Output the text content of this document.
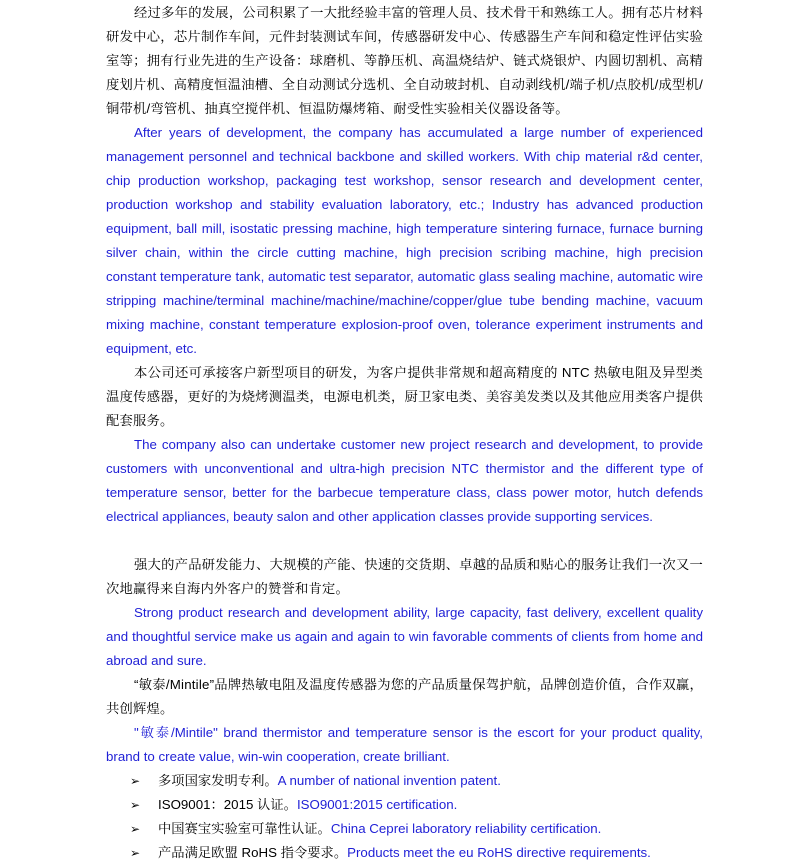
经过多年的发展，公司积累了一大批经验丰富的管理人员、技术骨干和熟练工人。拥有芯片材料研发中心，芯片制作车间，元件封装测试车间，传感器研发中心、传感器生产车间和稳定性评估实验室等；拥有行业先进的生产设备：球磨机、等静压机、高温烧结炉、链式烧银炉、内圆切割机、高精度划片机、高精度恒温油槽、全自动测试分选机、全自动玻封机、自动剥线机/端子机/点胶机/成型机/铜带机/弯管机、抽真空搅伴机、恒温防爆烤箱、耐受性实验相关仪器设备等。

After years of development, the company has accumulated a large number of experienced management personnel and technical backbone and skilled workers. With chip material r&d center, chip production workshop, packaging test workshop, sensor research and development center, production workshop and stability evaluation laboratory, etc.; Industry has advanced production equipment, ball mill, isostatic pressing machine, high temperature sintering furnace, furnace burning silver chain, within the circle cutting machine, high precision scribing machine, high precision constant temperature tank, automatic test separator, automatic glass sealing machine, automatic wire stripping machine/terminal machine/machine/machine/copper/glue tube bending machine, vacuum mixing machine, constant temperature explosion-proof oven, tolerance experiment instruments and equipment, etc.

本公司还可承接客户新型项目的研发，为客户提供非常规和超高精度的 NTC 热敏电阻及异型类温度传感器，更好的为烧烤测温类，电源电机类，厨卫家电类、美容美发类以及其他应用类客户提供配套服务。

The company also can undertake customer new project research and development, to provide customers with unconventional and ultra-high precision NTC thermistor and the different type of temperature sensor, better for the barbecue temperature class, class power motor, hutch defends electrical appliances, beauty salon and other application classes provide supporting services.

强大的产品研发能力、大规模的产能、快速的交货期、卓越的品质和贴心的服务让我们一次又一次地赢得来自海内外客户的赞誉和肯定。

Strong product research and development ability, large capacity, fast delivery, excellent quality and thoughtful service make us again and again to win favorable comments of clients from home and abroad and sure.

“敏泰/Mintile”品牌热敏电阻及温度传感器为您的产品质量保驾护航，品牌创造价值，合作双赢，共创辉煌。

"敏泰/Mintile" brand thermistor and temperature sensor is the escort for your product quality, brand to create value, win-win cooperation, create brilliant.

➢ 多项国家发明专利。A number of national invention patent.
➢ ISO9001：2015 认证。ISO9001:2015 certification.
➢ 中国赛宝实验室可靠性认证。China Ceprei laboratory reliability certification.
➢ 产品满足欧盟 RoHS 指令要求。Products meet the eu RoHS directive requirements.
